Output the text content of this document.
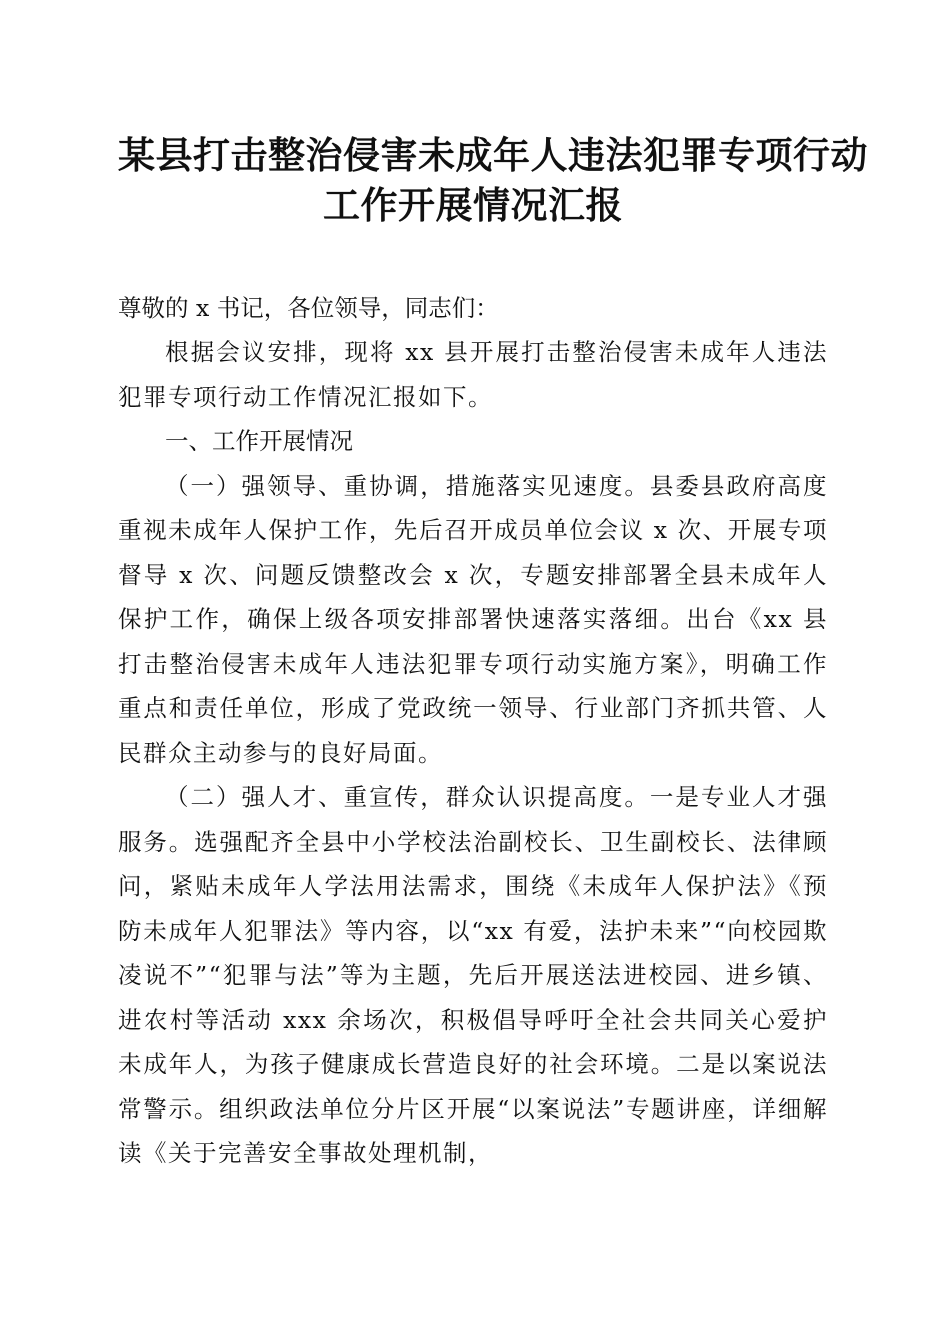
某县打击整治侵害未成年人违法犯罪专项行动
工作开展情况汇报
尊敬的 x 书记，各位领导，同志们：

根据会议安排，现将 xx 县开展打击整治侵害未成年人违法犯罪专项行动工作情况汇报如下。

一、工作开展情况

（一）强领导、重协调，措施落实见速度。县委县政府高度重视未成年人保护工作，先后召开成员单位会议 x 次、开展专项督导 x 次、问题反馈整改会 x 次，专题安排部署全县未成年人保护工作，确保上级各项安排部署快速落实落细。出台《xx 县打击整治侵害未成年人违法犯罪专项行动实施方案》，明确工作重点和责任单位，形成了党政统一领导、行业部门齐抓共管、人民群众主动参与的良好局面。

（二）强人才、重宣传，群众认识提高度。一是专业人才强服务。选强配齐全县中小学校法治副校长、卫生副校长、法律顾问，紧贴未成年人学法用法需求，围绕《未成年人保护法》《预防未成年人犯罪法》等内容，以“xx 有爱，法护未来”“向校园欺凌说不”“犯罪与法”等为主题，先后开展送法进校园、进乡镇、进农村等活动 xxx 余场次，积极倡导呼吁全社会共同关心爱护未成年人，为孩子健康成长营造良好的社会环境。二是以案说法常警示。组织政法单位分片区开展“以案说法”专题讲座，详细解读《关于完善安全事故处理机制，
